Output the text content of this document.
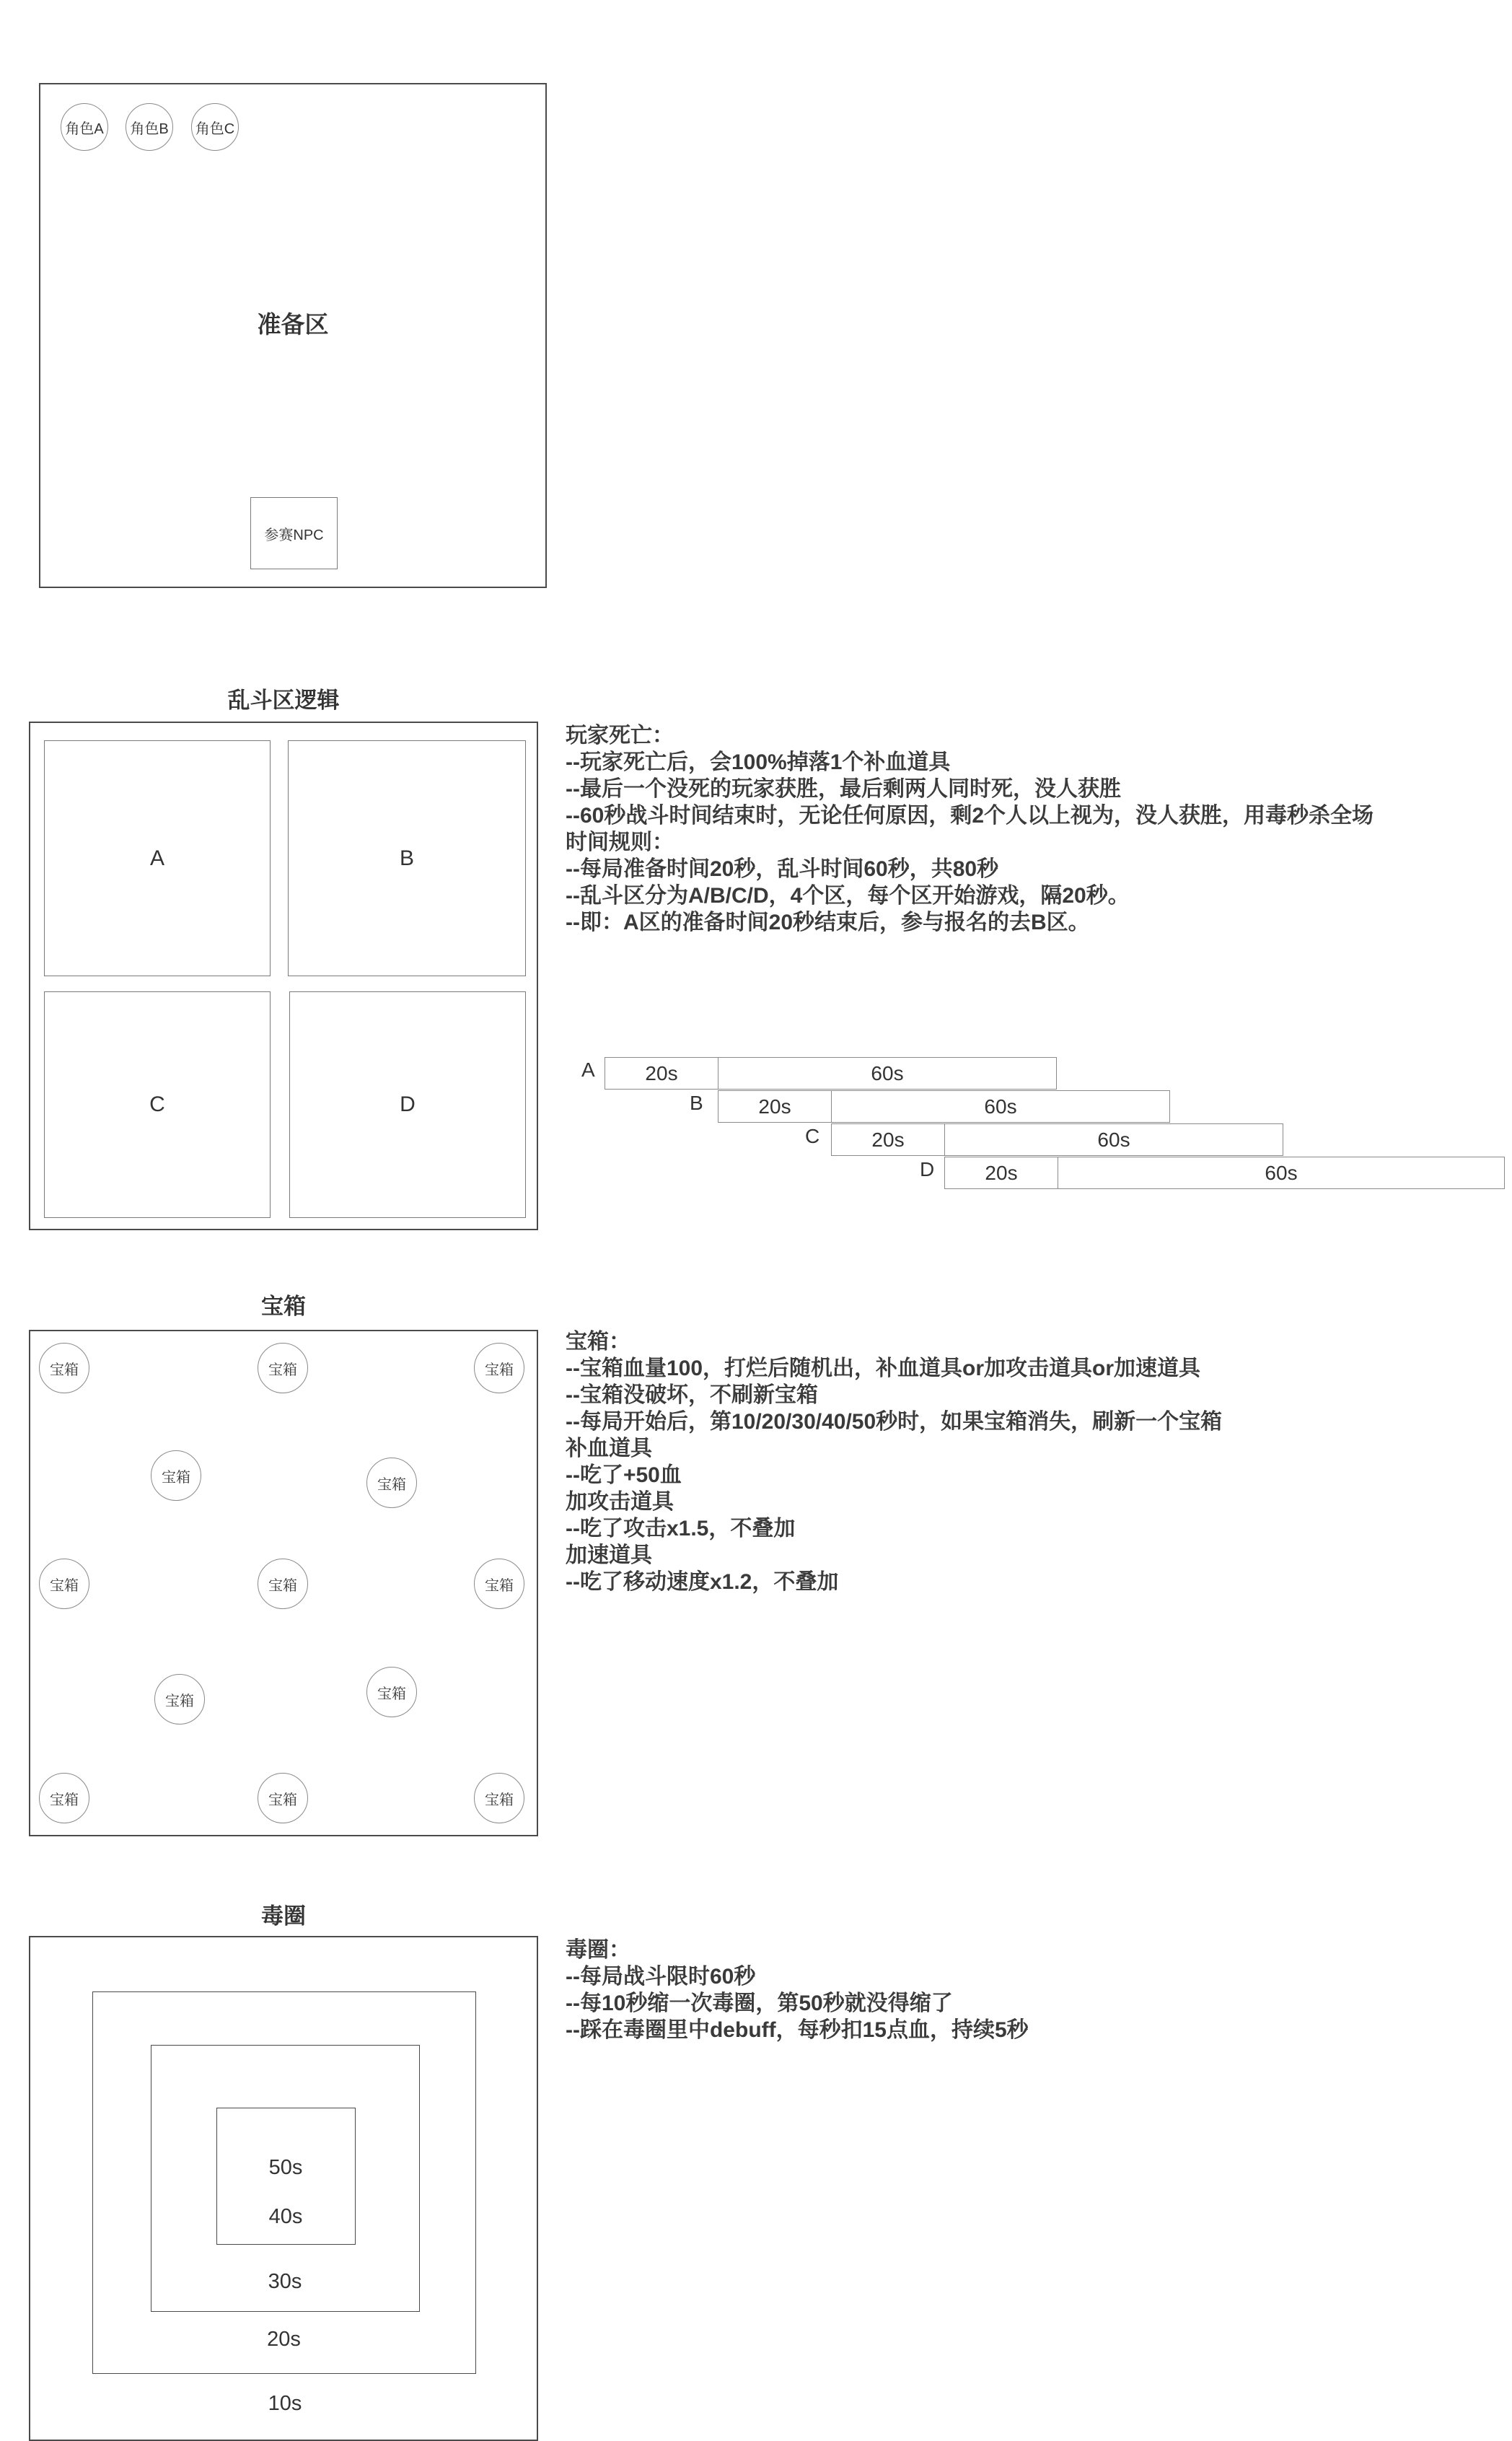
角色A	角色B	角色C
准备区
参赛NPC
乱斗区逻辑
A	B
C	D
玩家死亡：
--玩家死亡后，会100%掉落1个补血道具
--最后一个没死的玩家获胜，最后剩两人同时死，没人获胜
--60秒战斗时间结束时，无论任何原因，剩2个人以上视为，没人获胜，用毒秒杀全场
时间规则：
--每局准备时间20秒，乱斗时间60秒，共80秒
--乱斗区分为A/B/C/D，4个区，每个区开始游戏，隔20秒。
--即：A区的准备时间20秒结束后，参与报名的去B区。
A	20s	60s
B	20s	60s
C	20s	60s
D	20s	60s
宝箱
宝箱	宝箱	宝箱
宝箱	宝箱
宝箱	宝箱	宝箱
宝箱	宝箱
宝箱	宝箱	宝箱
宝箱：
--宝箱血量100，打烂后随机出，补血道具or加攻击道具or加速道具
--宝箱没破坏，不刷新宝箱
--每局开始后，第10/20/30/40/50秒时，如果宝箱消失，刷新一个宝箱
补血道具
--吃了+50血
加攻击道具
--吃了攻击x1.5，不叠加
加速道具
--吃了移动速度x1.2，不叠加
毒圈
10s
20s
30s
50s
40s
毒圈：
--每局战斗限时60秒
--每10秒缩一次毒圈，第50秒就没得缩了
--踩在毒圈里中debuff，每秒扣15点血，持续5秒
